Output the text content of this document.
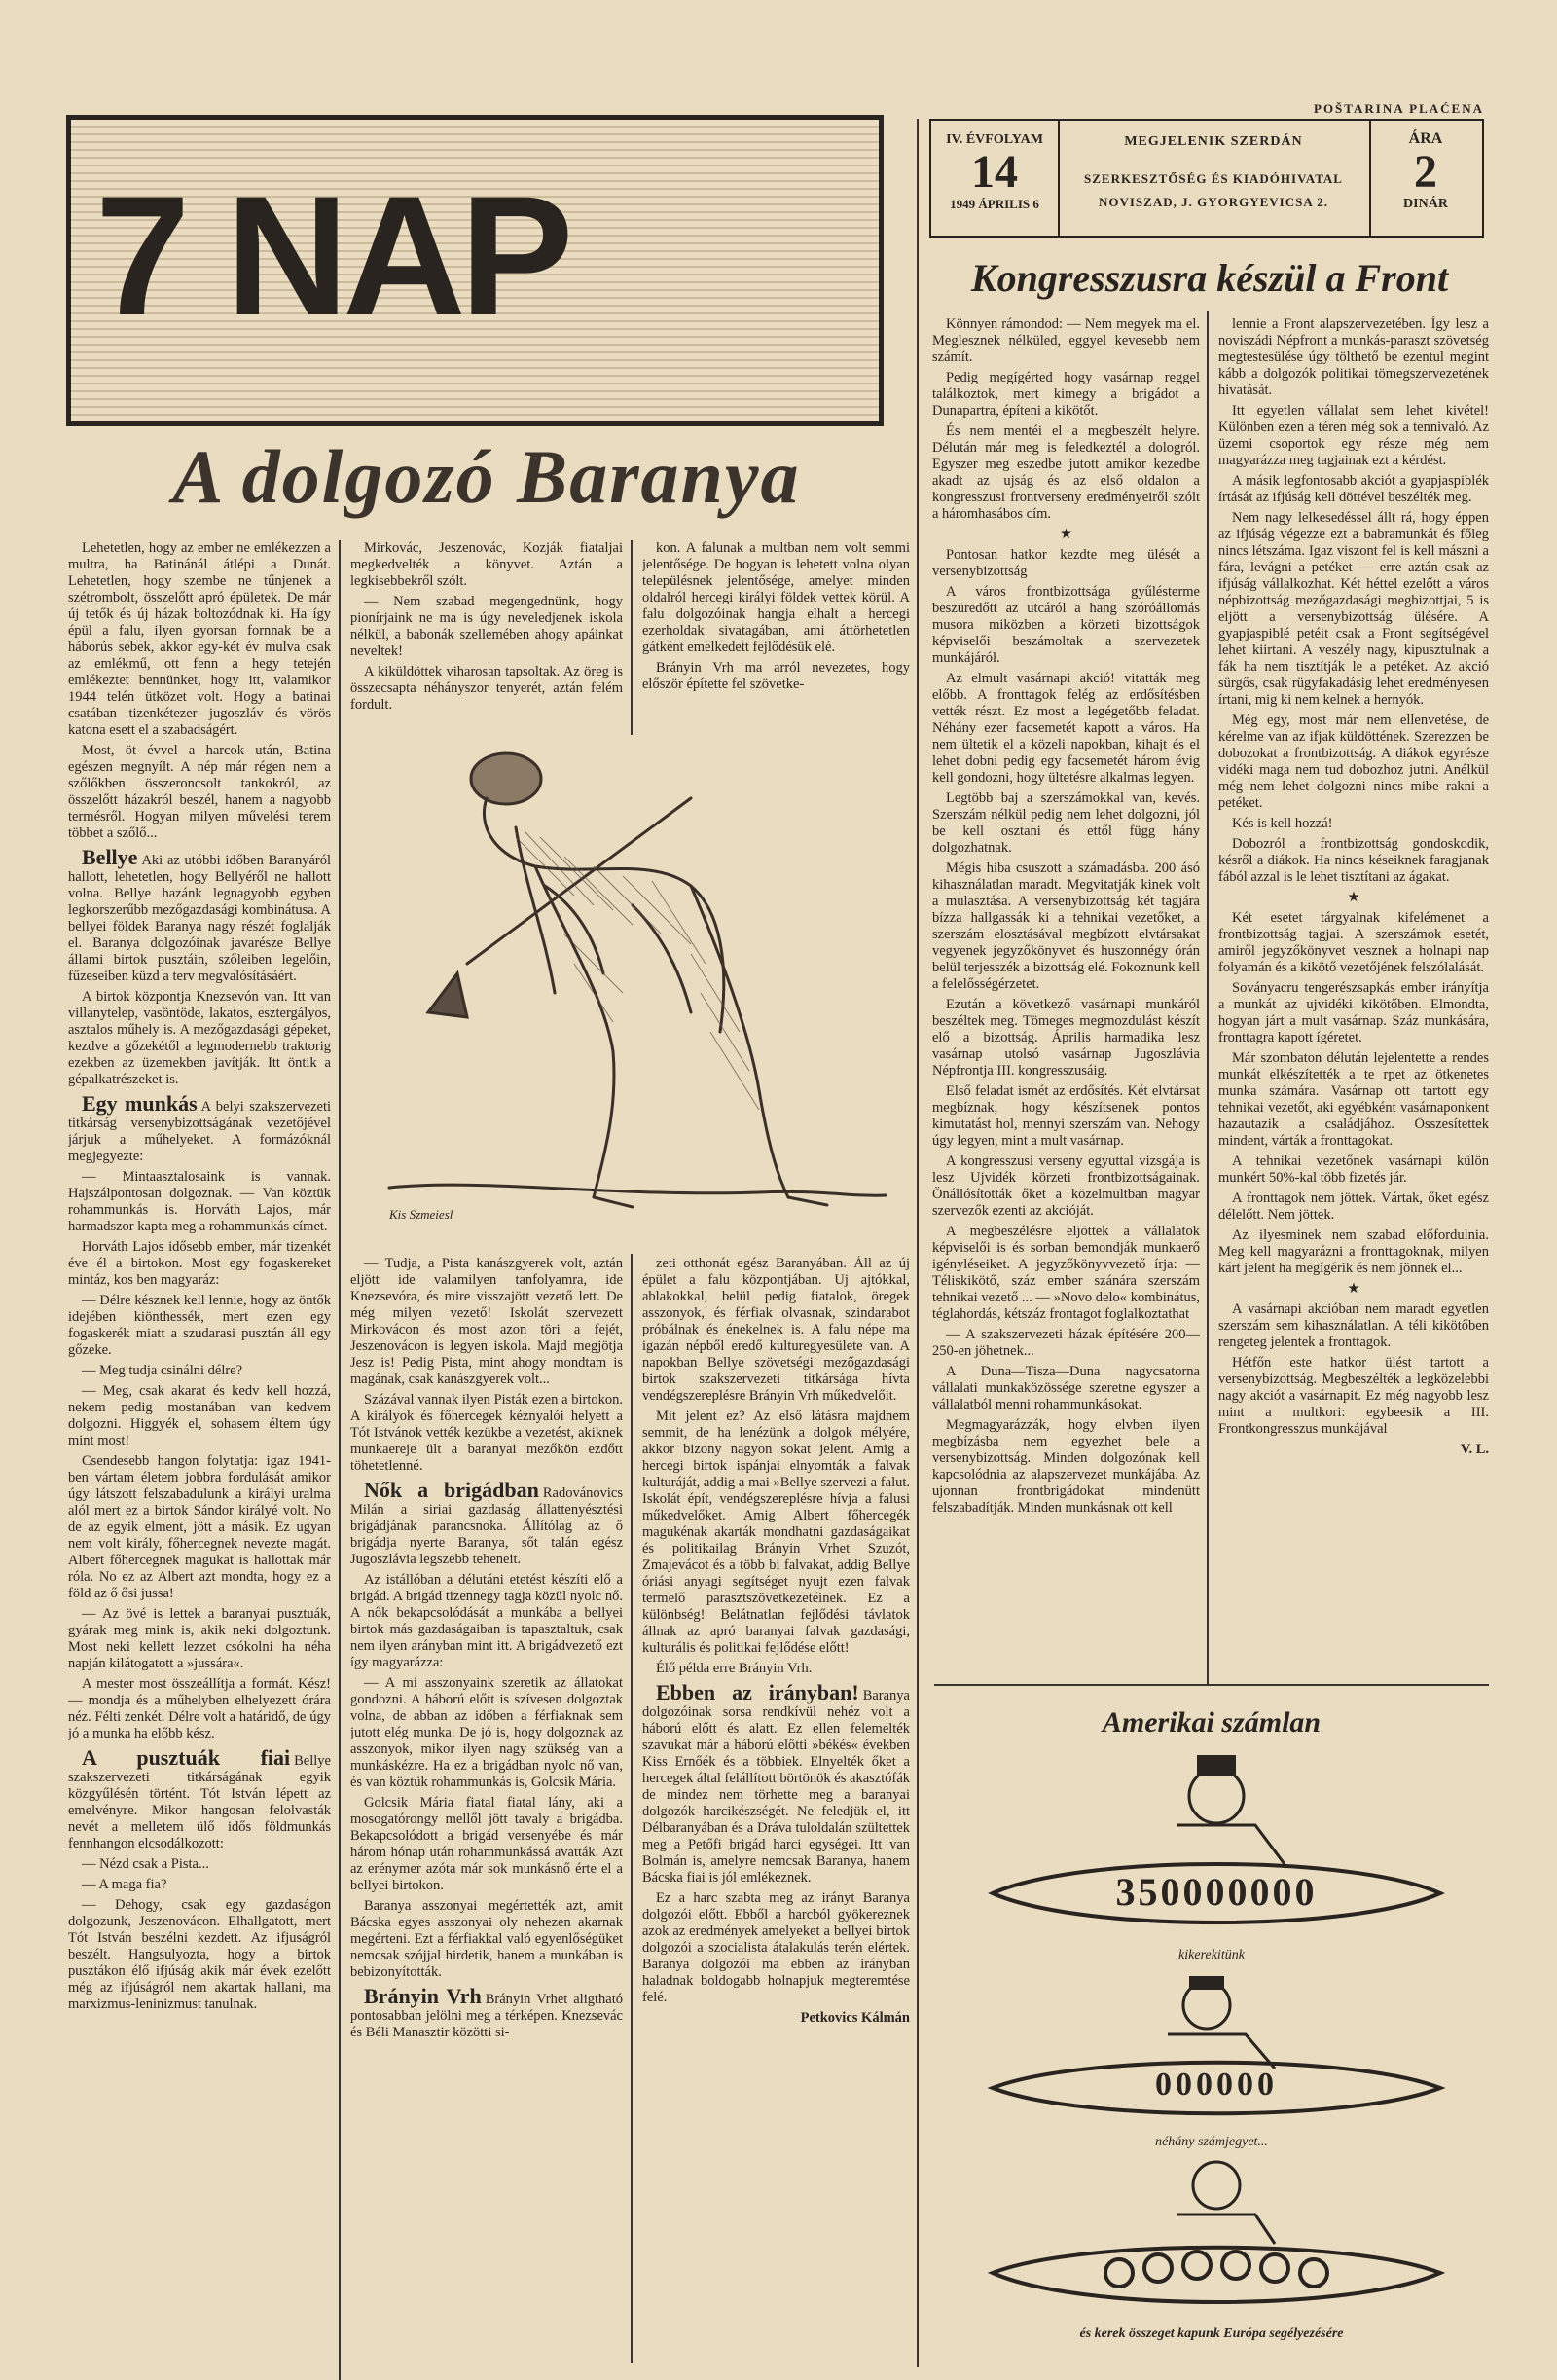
POŠTARINA PLAĆENA
7 NAP
IV. ÉVFOLYAM
14
1949 ÁPRILIS 6
MEGJELENIK SZERDÁN
SZERKESZTŐSÉG ÉS KIADÓHIVATAL
NOVISZAD, J. GYORGYEVICSA 2.
ÁRA
2
DINÁR
Kongresszusra készül a Front
A dolgozó Baranya

Lehetetlen, hogy az ember ne emlékezzen a multra, ha Batinánál átlépi a Dunát. Lehetetlen, hogy szembe ne tűnjenek a szétrombolt, összelőtt apró épületek. De már új tetők és új házak boltozódnak ki. Ha így épül a falu, ilyen gyorsan fornnak be a háborús sebek, akkor egy-két év mulva csak az emlékmű, ott fenn a hegy tetején emlékeztet bennünket, hogy itt, valamikor 1944 telén ütközet volt. Hogy a batinai csatában tizenkétezer jugoszláv és vörös katona esett el a szabadságért.

Most, öt évvel a harcok után, Batina egészen megnyílt. A nép már régen nem a szőlőkben összeroncsolt tankokról, az összelőtt házakról beszél, hanem a nagyobb termésről. Hogyan milyen művelési terem többet a szőlő...

Bellye Aki az utóbbi időben Baranyáról hallott, lehetetlen, hogy Bellyéről ne hallott volna. Bellye hazánk legnagyobb egyben legkorszerűbb mezőgazdasági kombinátusa. A bellyei földek Baranya nagy részét foglalják el. Baranya dolgozóinak javarésze Bellye állami birtok pusztáin, szőleiben legelőin, fűzeseiben küzd a terv megvalósításáért.

A birtok központja Knezsevón van. Itt van villanytelep, vasöntöde, lakatos, esztergályos, asztalos műhely is. A mezőgazdasági gépeket, kezdve a gőzekétől a legmodernebb traktorig ezekben az üzemekben javítják. Itt öntik a gépalkatrészeket is.

Egy munkás A belyi szakszervezeti titkárság versenybizottságának vezetőjével járjuk a műhelyeket. A formázóknál megjegyezte:

— Mintaasztalosaink is vannak. Hajszálpontosan dolgoznak. — Van köztük rohammunkás is. Horváth Lajos, már harmadszor kapta meg a rohammunkás címet.

Horváth Lajos idősebb ember, már tizenkét éve él a birtokon. Most egy fogaskereket mintáz, kos ben magyaráz:

— Délre késznek kell lennie, hogy az öntők idejében kiönthessék, mert ezen egy fogaskerék miatt a szudarasi pusztán áll egy gőzeke.

— Meg tudja csinálni délre?

— Meg, csak akarat és kedv kell hozzá, nekem pedig mostanában van kedvem dolgozni. Higgyék el, sohasem éltem úgy mint most!

Csendesebb hangon folytatja: igaz 1941-ben vártam életem jobbra fordulását amikor úgy látszott felszabadulunk a királyi uralma alól mert ez a birtok Sándor királyé volt. No de az egyik elment, jött a másik. Ez ugyan nem volt király, főhercegnek nevezte magát. Albert főhercegnek magukat is hallottak már róla. No ez az Albert azt mondta, hogy ez a föld az ő ősi jussa!

— Az övé is lettek a baranyai pusztuák, gyárak meg mink is, akik neki dolgoztunk. Most neki kellett lezzet csókolni ha néha napján kilátogatott a »jussára«.

A mester most összeállítja a formát. Kész! — mondja és a műhelyben elhelyezett órára néz. Félti zenkét. Délre volt a határidő, de úgy jó a munka ha előbb kész.

A pusztuák fiai Bellye szakszervezeti titkárságának egyik közgyűlésén történt. Tót István lépett az emelvényre. Mikor hangosan felolvasták nevét a melletem ülő idős földmunkás fennhangon elcsodálkozott:

— Nézd csak a Pista...

— A maga fia?

— Dehogy, csak egy gazdaságon dolgozunk, Jeszenovácon. Elhallgatott, mert Tót István beszélni kezdett. Az ifjuságról beszélt. Hangsulyozta, hogy a birtok pusztákon élő ifjúság akik már évek ezelőtt még az ifjúságról nem akartak hallani, ma marxizmus-leninizmust tanulnak.

Mirkovác, Jeszenovác, Kozják fiataljai megkedvelték a könyvet. Aztán a legkisebbekről szólt.

— Nem szabad megengednünk, hogy pionírjaink ne ma is úgy neveledjenek iskola nélkül, a babonák szellemében ahogy apáinkat neveltek!

A kiküldöttek viharosan tapsoltak. Az öreg is összecsapta néhányszor tenyerét, aztán felém fordult.

kon. A falunak a multban nem volt semmi jelentősége. De hogyan is lehetett volna olyan településnek jelentősége, amelyet minden oldalról hercegi királyi földek vettek körül. A falu dolgozóinak hangja elhalt a hercegi ezerholdak sivatagában, ami áttörhetetlen gátként emelkedett fejlődésük elé.

Brányin Vrh ma arról nevezetes, hogy először építette fel szövetke-

Kis Szmeiesl

— Tudja, a Pista kanászgyerek volt, aztán eljött ide valamilyen tanfolyamra, ide Knezsevóra, és mire visszajött vezető lett. De még milyen vezető! Iskolát szervezett Mirkovácon és most azon töri a fejét, Jeszenovácon is legyen iskola. Majd megjötja Jesz is! Pedig Pista, mint ahogy mondtam is magának, csak kanászgyerek volt...

Százával vannak ilyen Pisták ezen a birtokon. A királyok és főhercegek kéznyalói helyett a Tót Istvánok vették kezükbe a vezetést, akiknek munkaereje ült a baranyai mezőkön ezdőtt töhetetlenné.

Nők a brigádban Radovánovics Milán a siriai gazdaság állattenyésztési brigádjának parancsnoka. Állítólag az ő brigádja nyerte Baranya, sőt talán egész Jugoszlávia legszebb teheneit.

Az istállóban a délutáni etetést készíti elő a brigád. A brigád tizennegy tagja közül nyolc nő. A nők bekapcsolódását a munkába a bellyei birtok más gazdaságaiban is tapasztaltuk, csak nem ilyen arányban mint itt. A brigádvezető ezt így magyarázza:

— A mi asszonyaink szeretik az állatokat gondozni. A háború előtt is szívesen dolgoztak volna, de abban az időben a férfiaknak sem jutott elég munka. De jó is, hogy dolgoznak az asszonyok, mikor ilyen nagy szükség van a munkáskézre. Ha ez a brigádban nyolc nő van, és van köztük rohammunkás is, Golcsik Mária.

Golcsik Mária fiatal fiatal lány, aki a mosogatórongy mellől jött tavaly a brigádba. Bekapcsolódott a brigád versenyébe és már három hónap után rohammunkássá avatták. Azt az erénymer azóta már sok munkásnő érte el a bellyei birtokon.

Baranya asszonyai megértették azt, amit Bácska egyes asszonyai oly nehezen akarnak megérteni. Ezt a férfiakkal való egyenlőségüket nemcsak szójjal hirdetik, hanem a munkában is bebizonyították.

Brányin Vrh Brányin Vrhet aligtható pontosabban jelölni meg a térképen. Knezsevác és Béli Manasztir közötti si-

zeti otthonát egész Baranyában. Áll az új épület a falu központjában. Uj ajtókkal, ablakokkal, belül pedig fiatalok, öregek asszonyok, és férfiak olvasnak, szindarabot próbálnak és énekelnek is. A falu népe ma igazán népből eredő kulturegyesülete van. A napokban Bellye szövetségi mezőgazdasági birtok szakszervezeti titkársága hívta vendégszereplésre Brányin Vrh műkedvelőit.

Mit jelent ez? Az első látásra majdnem semmit, de ha lenézünk a dolgok mélyére, akkor bizony nagyon sokat jelent. Amig a hercegi birtok ispánjai elnyomták a falvak kulturáját, addig a mai »Bellye szervezi a falut. Iskolát épít, vendégszereplésre hívja a falusi műkedvelőket. Amig Albert főhercegék magukénak akarták mondhatni gazdaságaikat és politikailag Brányin Vrhet Szuzót, Zmajevácot és a több bi falvakat, addig Bellye óriási anyagi segítséget nyujt ezen falvak termelő parasztszövetkezetéinek. Ez a különbség! Belátnatlan fejlődési távlatok állnak az apró baranyai falvak gazdasági, kulturális és politikai fejlődése előtt!

Élő példa erre Brányin Vrh.

Ebben az irányban! Baranya dolgozóinak sorsa rendkívül nehéz volt a háború előtt és alatt. Ez ellen felemelték szavukat már a háború előtti »békés« években Kiss Ernőék és a többiek. Elnyelték őket a hercegek által felállított börtönök és akasztófák de mindez nem törhette meg a baranyai dolgozók harcikészségét. Ne feledjük el, itt Délbaranyában és a Dráva tuloldalán szültettek meg a Petőfi brigád harci egységei. Itt van Bolmán is, amelyre nemcsak Baranya, hanem Bácska fiai is jól emlékeznek.

Ez a harc szabta meg az irányt Baranya dolgozói előtt. Ebből a harcból gyökereznek azok az eredmények amelyeket a bellyei birtok dolgozói a szocialista átalakulás terén elértek. Baranya dolgozói ma ebben az irányban haladnak boldogabb holnapjuk megteremtése felé.

Petkovics Kálmán

Könnyen rámondod: — Nem megyek ma el. Meglesznek nélküled, eggyel kevesebb nem számít.

Pedig megígérted hogy vasárnap reggel találkoztok, mert kimegy a brigádot a Dunapartra, építeni a kikötőt.

És nem mentéi el a megbeszélt helyre. Délután már meg is feledkeztél a dologról. Egyszer meg eszedbe jutott amikor kezedbe akadt az ujság és az első oldalon a kongresszusi frontverseny eredményeiről szólt a háromhasábos cím.

★

Pontosan hatkor kezdte meg ülését a versenybizottság

A város frontbizottsága gyűlésterme beszüredőtt az utcáról a hang szóróállomás musora miközben a körzeti bizottságok képviselői beszámoltak a szervezetek munkájáról.

Az elmult vasárnapi akció! vitatták meg előbb. A fronttagok felég az erdősítésben vették részt. Ez most a legégetőbb feladat. Néhány ezer facsemetét kapott a város. Ha nem ültetik el a közeli napokban, kihajt és el lehet dobni pedig egy facsemetét három évig kell gondozni, hogy ültetésre alkalmas legyen.

Legtöbb baj a szerszámokkal van, kevés. Szerszám nélkül pedig nem lehet dolgozni, jól be kell osztani és ettől függ hány dolgozhatnak.

Mégis hiba csuszott a számadásba. 200 ásó kihasználatlan maradt. Megvitatják kinek volt a mulasztása. A versenybizottság két tagjára bízza hallgassák ki a tehnikai vezetőket, a szerszám elosztásával megbízott elvtársakat vegyenek jegyzőkönyvet és huszonnégy órán belül terjesszék a bizottság elé. Fokoznunk kell a felelősségérzetet.

Ezután a következő vasárnapi munkáról beszéltek meg. Tömeges megmozdulást készít elő a bizottság. Április harmadika lesz vasárnap utolsó vasárnap Jugoszlávia Népfrontja III. kongresszusáig.

Első feladat ismét az erdősítés. Két elvtársat megbíznak, hogy készítsenek pontos kimutatást hol, mennyi szerszám van. Nehogy úgy legyen, mint a mult vasárnap.

A kongresszusi verseny egyuttal vizsgája is lesz Ujvidék körzeti frontbizottságainak. Önállósították őket a közelmultban magyar szervezők ezenti az akcióját.

A megbeszélésre eljöttek a vállalatok képviselői is és sorban bemondják munkaerő igényléseiket. A jegyzőkönyvvezető írja: — Téliskikötő, száz ember szánára szerszám tehnikai vezető ... — »Novo delo« kombinátus, téglahordás, kétszáz frontagot foglalkoztathat

— A szakszervezeti házak építésére 200—250-en jöhetnek...

A Duna—Tisza—Duna nagycsatorna vállalati munkaközössége szeretne egyszer a vállalatból menni rohammunkásokat.

Megmagyarázzák, hogy elvben ilyen megbízásba nem egyezhet bele a versenybizottság. Minden dolgozónak kell kapcsolódnia az alapszervezet munkájába. Az ujonnan frontbrigádokat mindenütt felszabadítják. Minden munkásnak ott kell

lennie a Front alapszervezetében. Így lesz a noviszádi Népfront a munkás-paraszt szövetség megtestesülése úgy tölthető be ezentul megint kább a dolgozók politikai tömegszervezetének hivatását.

Itt egyetlen vállalat sem lehet kivétel! Különben ezen a téren még sok a tennivaló. Az üzemi csoportok egy része még nem magyarázza meg tagjainak ezt a kérdést.

A másik legfontosabb akciót a gyapjaspiblék írtását az ifjúság kell döttével beszélték meg.

Nem nagy lelkesedéssel állt rá, hogy éppen az ifjúság végezze ezt a babramunkát és főleg nincs létszáma. Igaz viszont fel is kell mászni a fára, levágni a petéket — erre aztán csak az ifjúság vállalkozhat. Két héttel ezelőtt a város népbizottság mezőgazdasági megbizottjai, 5 is eljött a versenybizottság ülésére. A gyapjaspiblé petéit csak a Front segítségével lehet kiirtani. A veszély nagy, kipusztulnak a fák ha nem tisztítják le a petéket. Az akció sürgős, csak rügyfakadásig lehet eredményesen írtani, mig ki nem kelnek a hernyók.

Még egy, most már nem ellenvetése, de kérelme van az ifjak küldöttének. Szerezzen be dobozokat a frontbizottság. A diákok egyrésze vidéki maga nem tud dobozhoz jutni. Anélkül még nem lehet dolgozni nincs mibe rakni a petéket.

Kés is kell hozzá!

Dobozról a frontbizottság gondoskodik, késről a diákok. Ha nincs késeiknek faragjanak fából azzal is le lehet tisztítani az ágakat.

★

Két esetet tárgyalnak kifelémenet a frontbizottság tagjai. A szerszámok esetét, amiről jegyzőkönyvet vesznek a holnapi nap folyamán és a kikötő vezetőjének felszólalását.

Soványacru tengerészsapkás ember irányítja a munkát az ujvidéki kikötőben. Elmondta, hogyan járt a mult vasárnap. Száz munkására, fronttagra kapott ígéretet.

Már szombaton délután lejelentette a rendes munkát elkészítették a te rpet az ötkenetes munka számára. Vasárnap ott tartott egy tehnikai vezetőt, aki egyébként vasárnaponkent hazautazik a családjához. Összesítettek mindent, várták a fronttagokat.

A tehnikai vezetőnek vasárnapi külön munkért 50%-kal több fizetés jár.

A fronttagok nem jöttek. Vártak, őket egész délelőtt. Nem jöttek.

Az ilyesminek nem szabad előfordulnia. Meg kell magyarázni a fronttagoknak, milyen kárt jelent ha megígérik és nem jönnek el...

★

A vasárnapi akcióban nem maradt egyetlen szerszám sem kihasználatlan. A téli kikötőben rengeteg jelentek a fronttagok.

Hétfőn este hatkor ülést tartott a versenybizottság. Megbeszélték a legközelebbi nagy akciót a vasárnapit. Ez még nagyobb lesz mint a multkori: egybeesik a III. Frontkongresszus munkájával

V. L.

Amerikai számlan
350000000
kikerekitünk
000000
néhány számjegyet...
és kerek összeget kapunk Európa segélyezésére
